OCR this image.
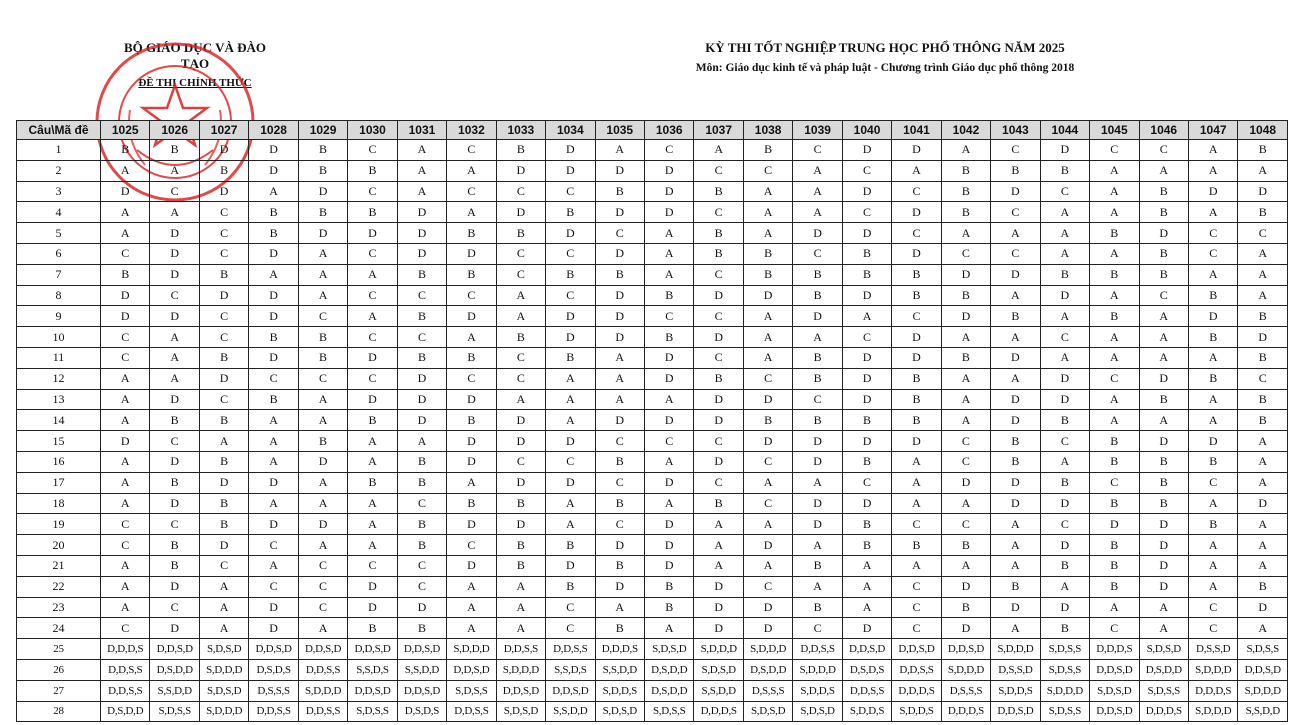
BỘ GIÁO DỤC VÀ ĐÀO TẠO
ĐỀ THI CHÍNH THỨC
KỲ THI TỐT NGHIỆP TRUNG HỌC PHỔ THÔNG NĂM 2025
Môn: Giáo dục kinh tế và pháp luật - Chương trình Giáo dục phổ thông 2018
Câu\Mã đề	1025	1026	1027	1028	1029	1030	1031	1032	1033	1034	1035	1036	1037	1038	1039	1040	1041	1042	1043	1044	1045	1046	1047	1048
1	B	B	D	D	B	C	A	C	B	D	A	C	A	B	C	D	D	A	C	D	C	C	A	B
2	A	A	B	D	B	B	A	A	D	D	D	D	C	C	A	C	A	B	B	B	A	A	A	A
3	D	C	D	A	D	C	A	C	C	C	B	D	B	A	A	D	C	B	D	C	A	B	D	D
4	A	A	C	B	B	B	D	A	D	B	D	D	C	A	A	C	D	B	C	A	A	B	A	B
5	A	D	C	B	D	D	D	B	B	D	C	A	B	A	D	D	C	A	A	A	B	D	C	C
6	C	D	C	D	A	C	D	D	C	C	D	A	B	B	C	B	D	C	C	A	A	B	C	A
7	B	D	B	A	A	A	B	B	C	B	B	A	C	B	B	B	B	D	D	B	B	B	A	A
8	D	C	D	D	A	C	C	C	A	C	D	B	D	D	B	D	B	B	A	D	A	C	B	A
9	D	D	C	D	C	A	B	D	A	D	D	C	C	A	D	A	C	D	B	A	B	A	D	B
10	C	A	C	B	B	C	C	A	B	D	D	B	D	A	A	C	D	A	A	C	A	A	B	D
11	C	A	B	D	B	D	B	B	C	B	A	D	C	A	B	D	D	B	D	A	A	A	A	B
12	A	A	D	C	C	C	D	C	C	A	A	D	B	C	B	D	B	A	A	D	C	D	B	C
13	A	D	C	B	A	D	D	D	A	A	A	A	D	D	C	D	B	A	D	D	A	B	A	B
14	A	B	B	A	A	B	D	B	D	A	D	D	D	B	B	B	B	A	D	B	A	A	A	B
15	D	C	A	A	B	A	A	D	D	D	C	C	C	D	D	D	D	C	B	C	B	D	D	A
16	A	D	B	A	D	A	B	D	C	C	B	A	D	C	D	B	A	C	B	A	B	B	B	A
17	A	B	D	D	A	B	B	A	D	D	C	D	C	A	A	C	A	D	D	B	C	B	C	A
18	A	D	B	A	A	A	C	B	B	A	B	A	B	C	D	D	A	A	D	D	B	B	A	D
19	C	C	B	D	D	A	B	D	D	A	C	D	A	A	D	B	C	C	A	C	D	D	B	A
20	C	B	D	C	A	A	B	C	B	B	D	D	A	D	A	B	B	B	A	D	B	D	A	A
21	A	B	C	A	C	C	C	D	B	D	B	D	A	A	B	A	A	A	A	B	B	D	A	A
22	A	D	A	C	C	D	C	A	A	B	D	B	D	C	A	A	C	D	B	A	B	D	A	B
23	A	C	A	D	C	D	D	A	A	C	A	B	D	D	B	A	C	B	D	D	A	A	C	D
24	C	D	A	D	A	B	B	A	A	C	B	A	D	D	C	D	C	D	A	B	C	A	C	A
25	D,D,D,S	D,D,S,D	S,D,S,D	D,D,S,D	D,D,S,D	D,D,S,D	D,D,S,D	S,D,D,D	D,D,S,S	D,D,S,S	D,D,D,S	S,D,S,D	S,D,D,D	S,D,D,D	D,D,S,S	D,D,S,D	D,D,S,D	D,D,S,D	S,D,D,D	S,D,S,S	D,D,D,S	S,D,S,D	D,S,S,D	S,D,S,S
26	D,D,S,S	D,S,D,D	S,D,D,D	D,S,D,S	D,D,S,S	S,S,D,S	S,S,D,D	D,D,S,D	S,D,D,D	S,S,D,S	S,S,D,D	D,S,D,D	S,D,S,D	D,S,D,D	S,D,D,D	D,S,D,S	D,D,S,S	S,D,D,D	D,S,S,D	S,D,S,S	D,D,S,D	D,S,D,D	S,D,D,D	D,D,S,D
27	D,D,S,S	S,S,D,D	S,D,S,D	D,S,S,S	S,D,D,D	D,D,S,D	D,D,S,D	S,D,S,S	D,D,S,D	D,D,S,D	S,D,D,S	D,S,D,D	S,S,D,D	D,S,S,S	S,D,D,S	D,D,S,S	D,D,D,S	D,S,S,S	S,D,D,S	S,D,D,D	S,D,S,D	S,D,S,S	D,D,D,S	S,D,D,D
28	D,S,D,D	S,D,S,S	S,D,D,D	D,D,S,S	D,D,S,S	S,D,S,S	D,S,D,S	D,D,S,S	S,D,S,D	S,S,D,D	S,D,S,D	S,D,S,S	D,D,D,S	S,D,S,D	S,D,S,D	S,D,D,S	S,D,D,S	D,D,D,S	D,D,S,D	S,D,S,S	D,D,S,D	D,D,D,S	S,D,D,D	S,S,D,D
